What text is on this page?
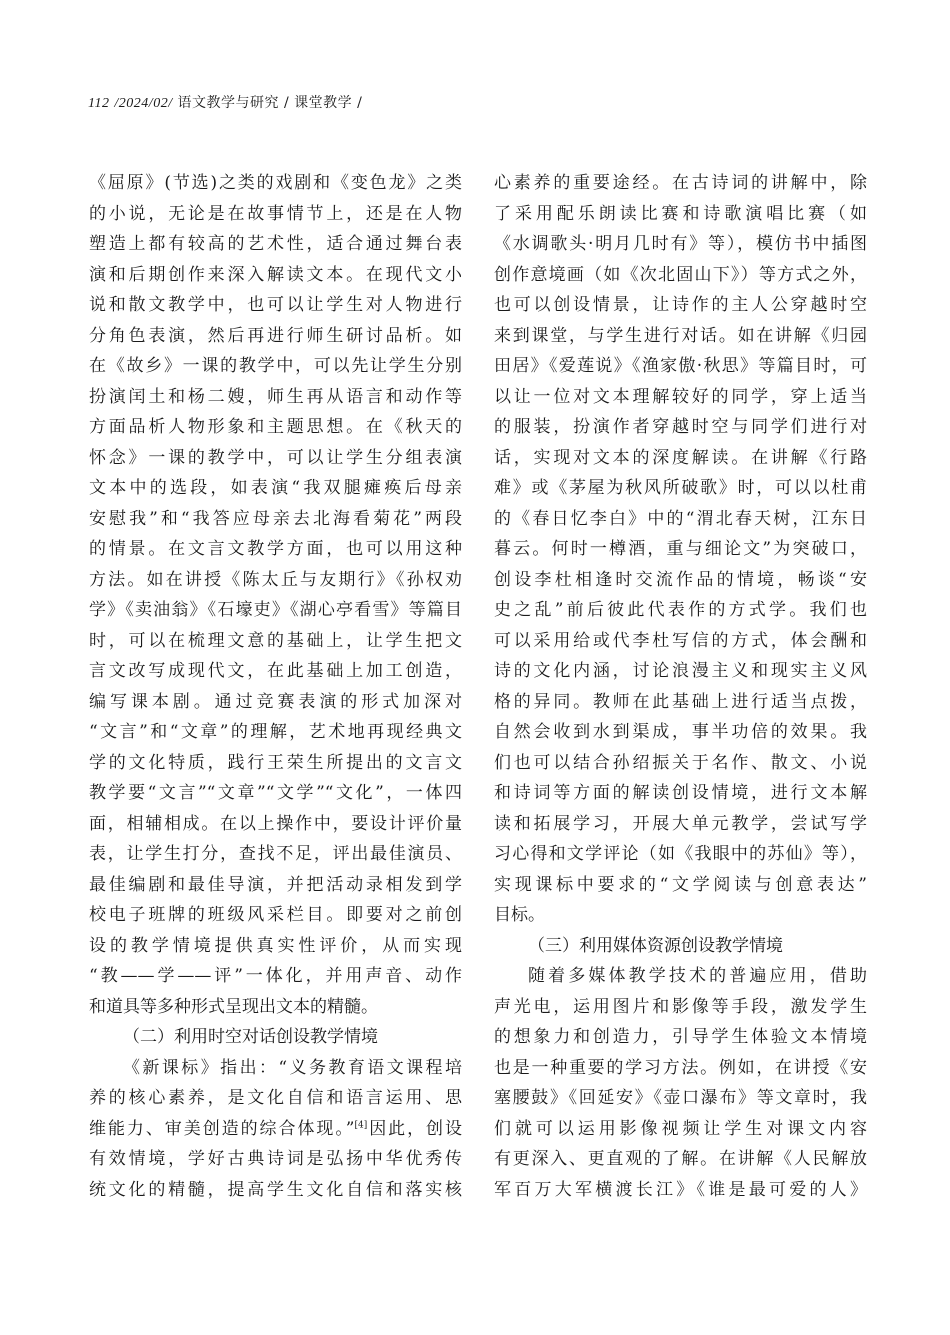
112 /2024/02/ 语文教学与研究 / 课堂教学 /
《屈原》(节选)之类的戏剧和《变色龙》之类
的小说，无论是在故事情节上，还是在人物
塑造上都有较高的艺术性，适合通过舞台表
演和后期创作来深入解读文本。在现代文小
说和散文教学中，也可以让学生对人物进行
分角色表演，然后再进行师生研讨品析。如
在《故乡》一课的教学中，可以先让学生分别
扮演闰土和杨二嫂，师生再从语言和动作等
方面品析人物形象和主题思想。在《秋天的
怀念》一课的教学中，可以让学生分组表演
文本中的选段，如表演“我双腿瘫痪后母亲
安慰我”和“我答应母亲去北海看菊花”两段
的情景。在文言文教学方面，也可以用这种
方法。如在讲授《陈太丘与友期行》《孙权劝
学》《卖油翁》《石壕吏》《湖心亭看雪》等篇目
时，可以在梳理文意的基础上，让学生把文
言文改写成现代文，在此基础上加工创造，
编写课本剧。通过竞赛表演的形式加深对
“文言”和“文章”的理解，艺术地再现经典文
学的文化特质，践行王荣生所提出的文言文
教学要“文言”“文章”“文学”“文化”，一体四
面，相辅相成。在以上操作中，要设计评价量
表，让学生打分，查找不足，评出最佳演员、
最佳编剧和最佳导演，并把活动录相发到学
校电子班牌的班级风采栏目。即要对之前创
设的教学情境提供真实性评价，从而实现
“教——学——评”一体化，并用声音、动作
和道具等多种形式呈现出文本的精髓。
（二）利用时空对话创设教学情境
《新课标》指出：“义务教育语文课程培
养的核心素养，是文化自信和语言运用、思
维能力、审美创造的综合体现。”[4]因此，创设
有效情境，学好古典诗词是弘扬中华优秀传
统文化的精髓，提高学生文化自信和落实核
心素养的重要途经。在古诗词的讲解中，除
了采用配乐朗读比赛和诗歌演唱比赛（如
《水调歌头·明月几时有》等），模仿书中插图
创作意境画（如《次北固山下》）等方式之外，
也可以创设情景，让诗作的主人公穿越时空
来到课堂，与学生进行对话。如在讲解《归园
田居》《爱莲说》《渔家傲·秋思》等篇目时，可
以让一位对文本理解较好的同学，穿上适当
的服装，扮演作者穿越时空与同学们进行对
话，实现对文本的深度解读。在讲解《行路
难》或《茅屋为秋风所破歌》时，可以以杜甫
的《春日忆李白》中的“渭北春天树，江东日
暮云。何时一樽酒，重与细论文”为突破口，
创设李杜相逢时交流作品的情境，畅谈“安
史之乱”前后彼此代表作的方式学。我们也
可以采用给或代李杜写信的方式，体会酬和
诗的文化内涵，讨论浪漫主义和现实主义风
格的异同。教师在此基础上进行适当点拨，
自然会收到水到渠成，事半功倍的效果。我
们也可以结合孙绍振关于名作、散文、小说
和诗词等方面的解读创设情境，进行文本解
读和拓展学习，开展大单元教学，尝试写学
习心得和文学评论（如《我眼中的苏仙》等），
实现课标中要求的“文学阅读与创意表达”
目标。
（三）利用媒体资源创设教学情境
随着多媒体教学技术的普遍应用，借助
声光电，运用图片和影像等手段，激发学生
的想象力和创造力，引导学生体验文本情境
也是一种重要的学习方法。例如，在讲授《安
塞腰鼓》《回延安》《壶口瀑布》等文章时，我
们就可以运用影像视频让学生对课文内容
有更深入、更直观的了解。在讲解《人民解放
军百万大军横渡长江》《谁是最可爱的人》
